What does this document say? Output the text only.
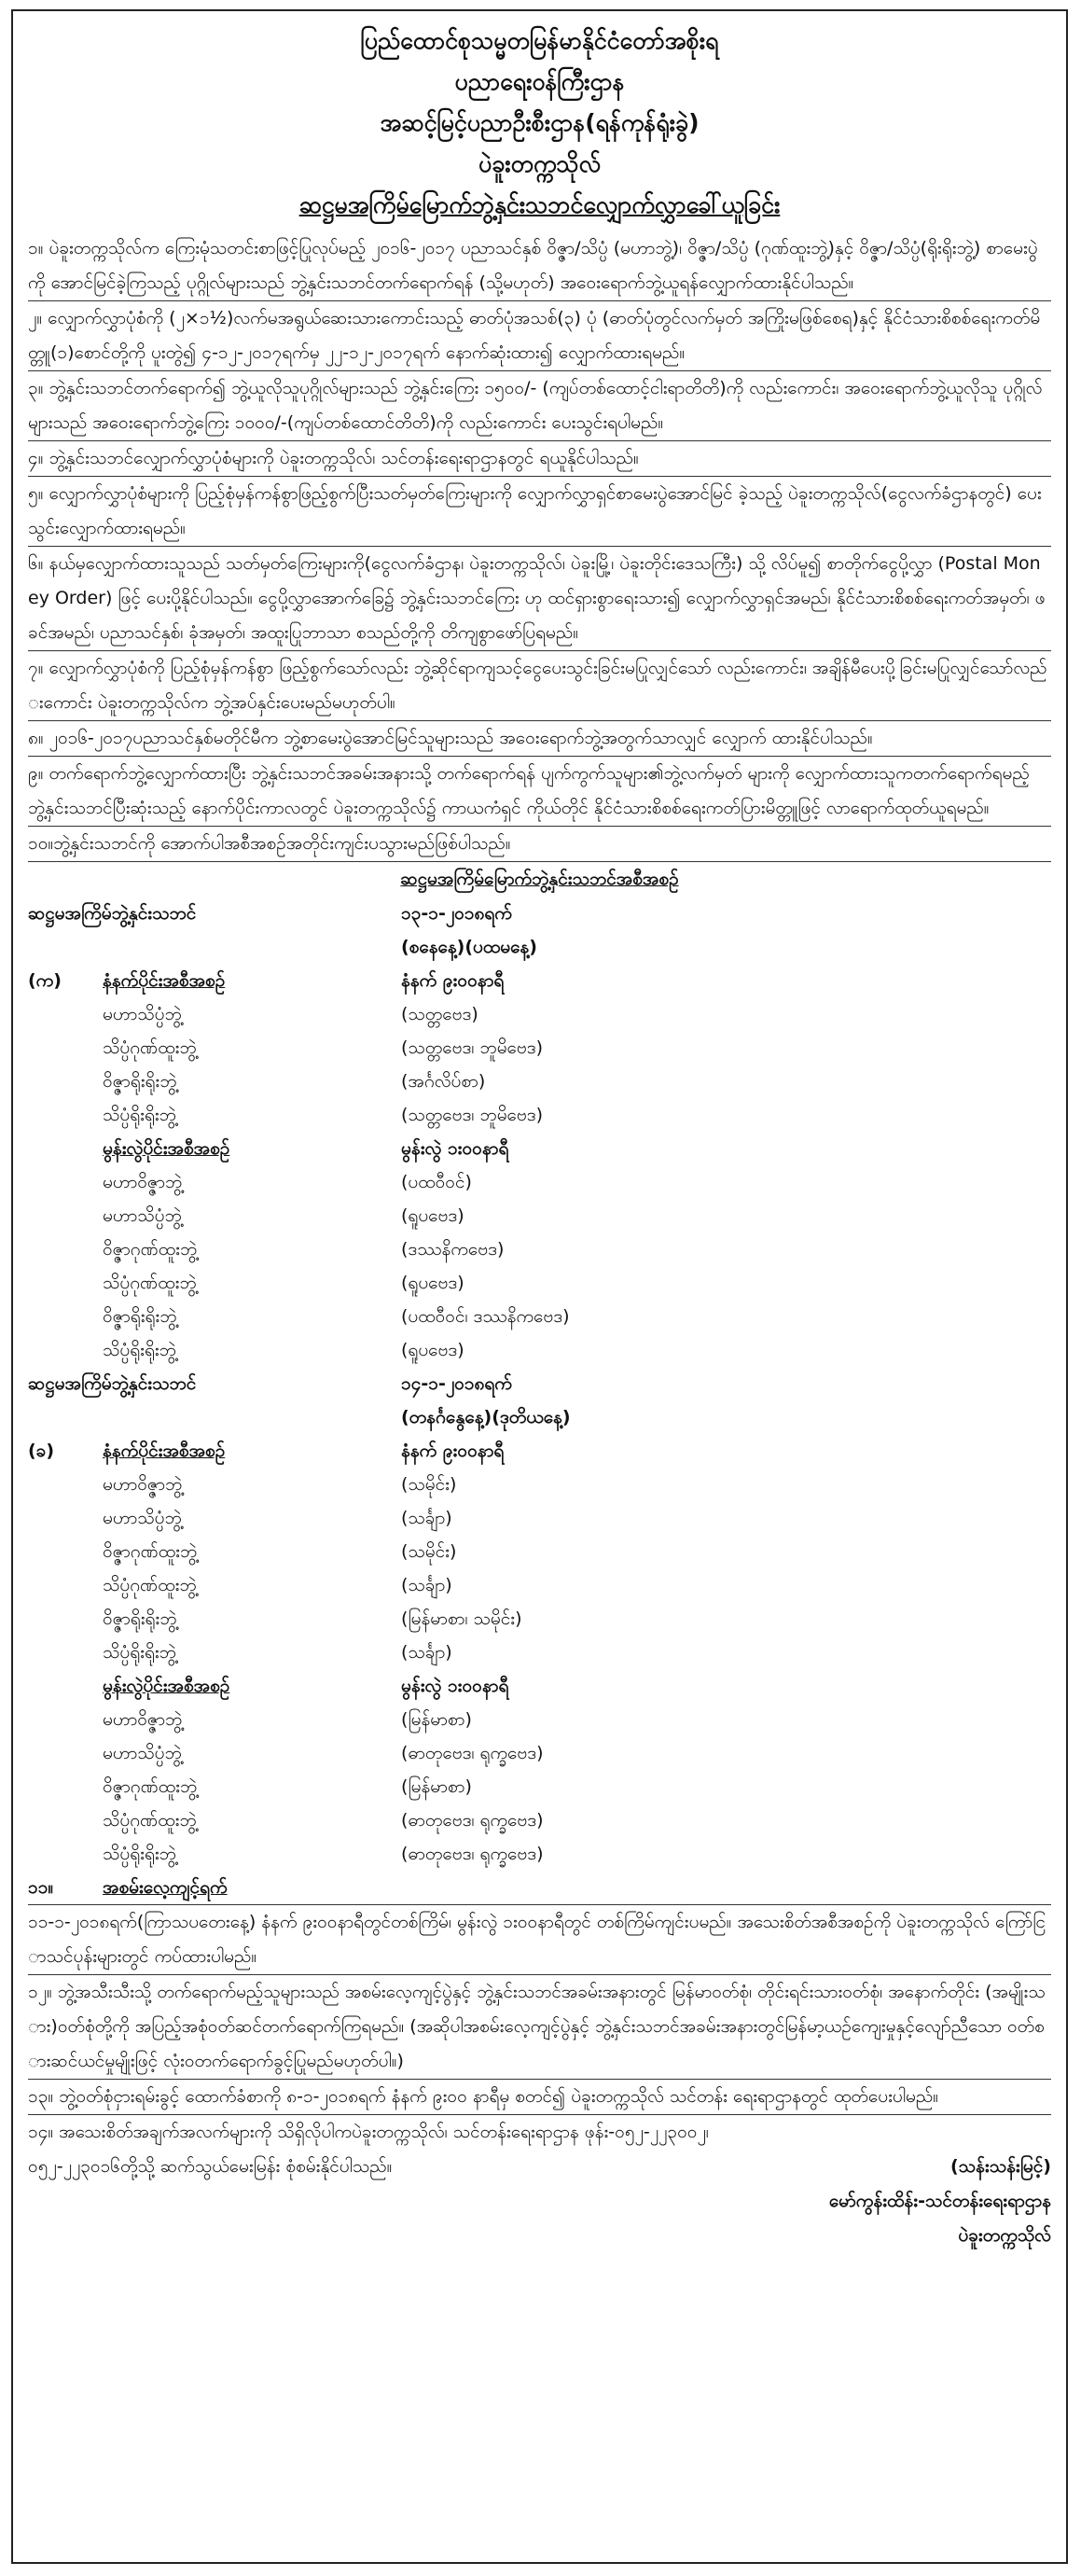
ပြည်ထောင်စုသမ္မတမြန်မာနိုင်ငံတော်အစိုးရ
ပညာရေးဝန်ကြီးဌာန
အဆင့်မြင့်ပညာဦးစီးဌာန(ရန်ကုန်ရုံးခွဲ)
ပဲခူးတက္ကသိုလ်
ဆဋ္ဌမအကြိမ်မြောက်ဘွဲ့နှင်းသဘင်လျှောက်လွှာခေါ်ယူခြင်း

၁။ ပဲခူးတက္ကသိုလ်က ကြေးမုံသတင်းစာဖြင့်ပြုလုပ်မည့် ၂၀၁၆-၂၀၁၇ ပညာသင်နှစ် ဝိဇ္ဇာ/သိပ္ပံ (မဟာဘွဲ့)၊ ဝိဇ္ဇာ/သိပ္ပံ (ဂုဏ်ထူးဘွဲ့)နှင့် ဝိဇ္ဇာ/သိပ္ပံ(ရိုးရိုးဘွဲ့) စာမေးပွဲကို အောင်မြင်ခဲ့ကြသည့် ပုဂ္ဂိုလ်များသည် ဘွဲ့နှင်းသဘင်တက်ရောက်ရန် (သို့မဟုတ်) အဝေးရောက်ဘွဲ့ယူရန်လျှောက်ထားနိုင်ပါသည်။

၂။ လျှောက်လွှာပုံစံကို (၂×၁½)လက်မအရွယ်ဆေးသားကောင်းသည့် ဓာတ်ပုံအသစ်(၃) ပုံ (ဓာတ်ပုံတွင်လက်မှတ် အကြိုးမဖြစ်စေရ)နှင့် နိုင်ငံသားစိစစ်ရေးကတ်မိတ္တူ(၁)စောင်တို့ကို ပူးတွဲ၍ ၄-၁၂-၂၀၁၇ရက်မှ ၂၂-၁၂-၂၀၁၇ရက် နောက်ဆုံးထား၍ လျှောက်ထားရမည်။

၃။ ဘွဲ့နှင်းသဘင်တက်ရောက်၍ ဘွဲ့ယူလိုသူပုဂ္ဂိုလ်များသည် ဘွဲ့နှင်းကြေး ၁၅၀၀/- (ကျပ်တစ်ထောင့်ငါးရာတိတိ)ကို လည်းကောင်း၊ အဝေးရောက်ဘွဲ့ယူလိုသူ ပုဂ္ဂိုလ်များသည် အဝေးရောက်ဘွဲ့ကြေး ၁၀၀၀/-(ကျပ်တစ်ထောင်တိတိ)ကို လည်းကောင်း ပေးသွင်းရပါမည်။

၄။ ဘွဲ့နှင်းသဘင်လျှောက်လွှာပုံစံများကို ပဲခူးတက္ကသိုလ်၊ သင်တန်းရေးရာဌာနတွင် ရယူနိုင်ပါသည်။

၅။ လျှောက်လွှာပုံစံများကို ပြည့်စုံမှန်ကန်စွာဖြည့်စွက်ပြီးသတ်မှတ်ကြေးများကို လျှောက်လွှာရှင်စာမေးပွဲအောင်မြင် ခဲ့သည့် ပဲခူးတက္ကသိုလ်(ငွေလက်ခံဌာနတွင်) ပေးသွင်းလျှောက်ထားရမည်။

၆။ နယ်မှလျှောက်ထားသူသည် သတ်မှတ်ကြေးများကို(ငွေလက်ခံဌာန၊ ပဲခူးတက္ကသိုလ်၊ ပဲခူးမြို့၊ ပဲခူးတိုင်းဒေသကြီး) သို့ လိပ်မူ၍ စာတိုက်ငွေပို့လွှာ (Postal Money Order) ဖြင့် ပေးပို့နိုင်ပါသည်။ ငွေပို့လွှာအောက်ခြေ၌ ဘွဲ့နှင်းသဘင်ကြေး ဟု ထင်ရှားစွာရေးသား၍ လျှောက်လွှာရှင်အမည်၊ နိုင်ငံသားစိစစ်ရေးကတ်အမှတ်၊ ဖခင်အမည်၊ ပညာသင်နှစ်၊ ခုံအမှတ်၊ အထူးပြုဘာသာ စသည်တို့ကို တိကျစွာဖော်ပြရမည်။

၇။ လျှောက်လွှာပုံစံကို ပြည့်စုံမှန်ကန်စွာ ဖြည့်စွက်သော်လည်း ဘွဲ့ဆိုင်ရာကျသင့်ငွေပေးသွင်းခြင်းမပြုလျှင်သော် လည်းကောင်း၊ အချိန်မီပေးပို့ခြင်းမပြုလျှင်သော်လည်းကောင်း ပဲခူးတက္ကသိုလ်က ဘွဲ့အပ်နှင်းပေးမည်မဟုတ်ပါ။

၈။ ၂၀၁၆-၂၀၁၇ပညာသင်နှစ်မတိုင်မီက ဘွဲ့စာမေးပွဲအောင်မြင်သူများသည် အဝေးရောက်ဘွဲ့အတွက်သာလျှင် လျှောက် ထားနိုင်ပါသည်။

၉။ တက်ရောက်ဘွဲ့လျှောက်ထားပြီး ဘွဲ့နှင်းသဘင်အခမ်းအနားသို့ တက်ရောက်ရန် ပျက်ကွက်သူများ၏ဘွဲ့လက်မှတ် များကို လျှောက်ထားသူကတက်ရောက်ရမည့် ဘွဲ့နှင်းသဘင်ပြီးဆုံးသည့် နောက်ပိုင်းကာလတွင် ပဲခူးတက္ကသိုလ်၌ ကာယကံရှင် ကိုယ်တိုင် နိုင်ငံသားစိစစ်ရေးကတ်ပြား‌မိတ္တူဖြင့် လာရောက်ထုတ်ယူရမည်။

၁၀။ဘွဲ့နှင်းသဘင်ကို အောက်ပါအစီအစဉ်အတိုင်းကျင်းပသွားမည်ဖြစ်ပါသည်။

ဆဋ္ဌမအကြိမ်မြောက်ဘွဲ့နှင်းသဘင်အစီအစဉ်
ဆဋ္ဌမအကြိမ်ဘွဲ့နှင်းသဘင်	၁၃-၁-၂၀၁၈ရက်
(စနေနေ့)(ပထမနေ့)
(က)	နံနက်ပိုင်းအစီအစဉ်	နံနက် ၉း၀၀နာရီ
မဟာသိပ္ပံဘွဲ့	(သတ္တဗေဒ)
သိပ္ပံဂုဏ်ထူးဘွဲ့	(သတ္တဗေဒ၊ ဘူမိဗေဒ)
ဝိဇ္ဇာရိုးရိုးဘွဲ့	(အင်္ဂလိပ်စာ)
သိပ္ပံရိုးရိုးဘွဲ့	(သတ္တဗေဒ၊ ဘူမိဗေဒ)
မွန်းလွဲပိုင်းအစီအစဉ်	မွန်းလွဲ ၁း၀၀နာရီ
မဟာဝိဇ္ဇာဘွဲ့	(ပထဝီဝင်)
မဟာသိပ္ပံဘွဲ့	(ရူပဗေဒ)
ဝိဇ္ဇာဂုဏ်ထူးဘွဲ့	(ဒဿနိကဗေဒ)
သိပ္ပံဂုဏ်ထူးဘွဲ့	(ရူပဗေဒ)
ဝိဇ္ဇာရိုးရိုးဘွဲ့	(ပထဝီဝင်၊ ဒဿနိကဗေဒ)
သိပ္ပံရိုးရိုးဘွဲ့	(ရူပဗေဒ)
ဆဋ္ဌမအကြိမ်ဘွဲ့နှင်းသဘင်	၁၄-၁-၂၀၁၈ရက်
(တနင်္ဂနွေနေ့)(ဒုတိယနေ့)
(ခ)	နံနက်ပိုင်းအစီအစဉ်	နံနက် ၉း၀၀နာရီ
မဟာဝိဇ္ဇာဘွဲ့	(သမိုင်း)
မဟာသိပ္ပံဘွဲ့	(သင်္ချာ)
ဝိဇ္ဇာဂုဏ်ထူးဘွဲ့	(သမိုင်း)
သိပ္ပံဂုဏ်ထူးဘွဲ့	(သင်္ချာ)
ဝိဇ္ဇာရိုးရိုးဘွဲ့	(မြန်မာစာ၊ သမိုင်း)
သိပ္ပံရိုးရိုးဘွဲ့	(သင်္ချာ)
မွန်းလွဲပိုင်းအစီအစဉ်	မွန်းလွဲ ၁း၀၀နာရီ
မဟာဝိဇ္ဇာဘွဲ့	(မြန်မာစာ)
မဟာသိပ္ပံဘွဲ့	(ဓာတုဗေဒ၊ ရုက္ခဗေဒ)
ဝိဇ္ဇာဂုဏ်ထူးဘွဲ့	(မြန်မာစာ)
သိပ္ပံဂုဏ်ထူးဘွဲ့	(ဓာတုဗေဒ၊ ရုက္ခဗေဒ)
သိပ္ပံရိုးရိုးဘွဲ့	(ဓာတုဗေဒ၊ ရုက္ခဗေဒ)
၁၁။	အစမ်းလေ့ကျင့်ရက်

၁၁-၁-၂၀၁၈ရက်(ကြာသပတေးနေ့) နံနက် ၉း၀၀နာရီတွင်တစ်ကြိမ်၊ မွန်းလွဲ ၁း၀၀နာရီတွင် တစ်ကြိမ်ကျင်းပမည်။ အသေးစိတ်အစီအစဉ်ကို ပဲခူးတက္ကသိုလ် ကြော်ငြာသင်ပုန်းများတွင် ကပ်ထားပါမည်။

၁၂။ ဘွဲ့အသီးသီးသို့ တက်ရောက်မည့်သူများသည် အစမ်းလေ့ကျင့်ပွဲနှင့် ဘွဲ့နှင်းသဘင်အခမ်းအနားတွင် မြန်မာဝတ်စုံ၊ တိုင်းရင်းသားဝတ်စုံ၊ အနောက်တိုင်း (အမျိုးသား)ဝတ်စုံတို့ကို အပြည့်အစုံဝတ်ဆင်တက်ရောက်ကြရမည်။ (အဆိုပါအစမ်းလေ့ကျင့်ပွဲနှင့် ဘွဲ့နှင်းသဘင်အခမ်းအနားတွင်မြန်မာ့ယဉ်ကျေးမှုနှင့်လျော်ညီသော ဝတ်စားဆင်ယင်မှုမျိုးဖြင့် လုံးဝတက်ရောက်ခွင့်ပြုမည်မဟုတ်ပါ။)

၁၃။ ဘွဲ့ဝတ်စုံငှားရမ်းခွင့် ထောက်ခံစာကို ၈-၁-၂၀၁၈ရက် နံနက် ၉း၀၀ နာရီမှ စတင်၍ ပဲခူးတက္ကသိုလ် သင်တန်း ရေးရာဌာနတွင် ထုတ်ပေးပါမည်။

၁၄။ အသေးစိတ်အချက်အလက်များကို သိရှိလိုပါကပဲခူးတက္ကသိုလ်၊ သင်တန်းရေးရာဌာန ဖုန်း-၀၅၂-၂၂၃၀၀၂၊

၀၅၂-၂၂၃၀၁၆တို့သို့ ဆက်သွယ်မေးမြန်း စုံစမ်းနိုင်ပါသည်။	(သန်းသန်းမြင့်)
မော်ကွန်းထိန်း-သင်တန်းရေးရာဌာန
ပဲခူးတက္ကသိုလ်
